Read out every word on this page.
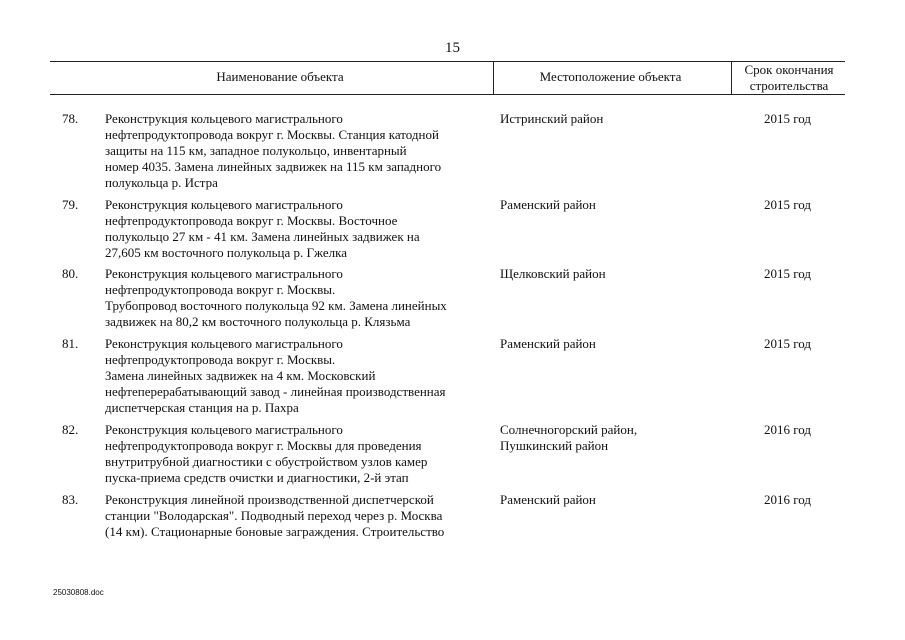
15
Наименование объекта	Местоположение объекта	Срок окончания
строительства
78. Реконструкция кольцевого магистрального
нефтепродуктопровода вокруг г. Москвы. Станция катодной
защиты на 115 км, западное полукольцо, инвентарный
номер 4035. Замена линейных задвижек на 115 км западного
полукольца р. Истра
Истринский район	2015 год
79. Реконструкция кольцевого магистрального
нефтепродуктопровода вокруг г. Москвы. Восточное
полукольцо 27 км - 41 км. Замена линейных задвижек на
27,605 км восточного полукольца р. Гжелка
Раменский район	2015 год
80. Реконструкция кольцевого магистрального
нефтепродуктопровода вокруг г. Москвы.
Трубопровод восточного полукольца 92 км. Замена линейных
задвижек на 80,2 км восточного полукольца р. Клязьма
Щелковский район	2015 год
81. Реконструкция кольцевого магистрального
нефтепродуктопровода вокруг г. Москвы.
Замена линейных задвижек на 4 км. Московский
нефтеперерабатывающий завод - линейная производственная
диспетчерская станция на р. Пахра
Раменский район	2015 год
82. Реконструкция кольцевого магистрального
нефтепродуктопровода вокруг г. Москвы для проведения
внутритрубной диагностики с обустройством узлов камер
пуска-приема средств очистки и диагностики, 2-й этап
Солнечногорский район,
Пушкинский район
2016 год
83. Реконструкция линейной производственной диспетчерской
станции "Володарская". Подводный переход через р. Москва
(14 км). Стационарные боновые заграждения. Строительство
Раменский район	2016 год
25030808.doc
